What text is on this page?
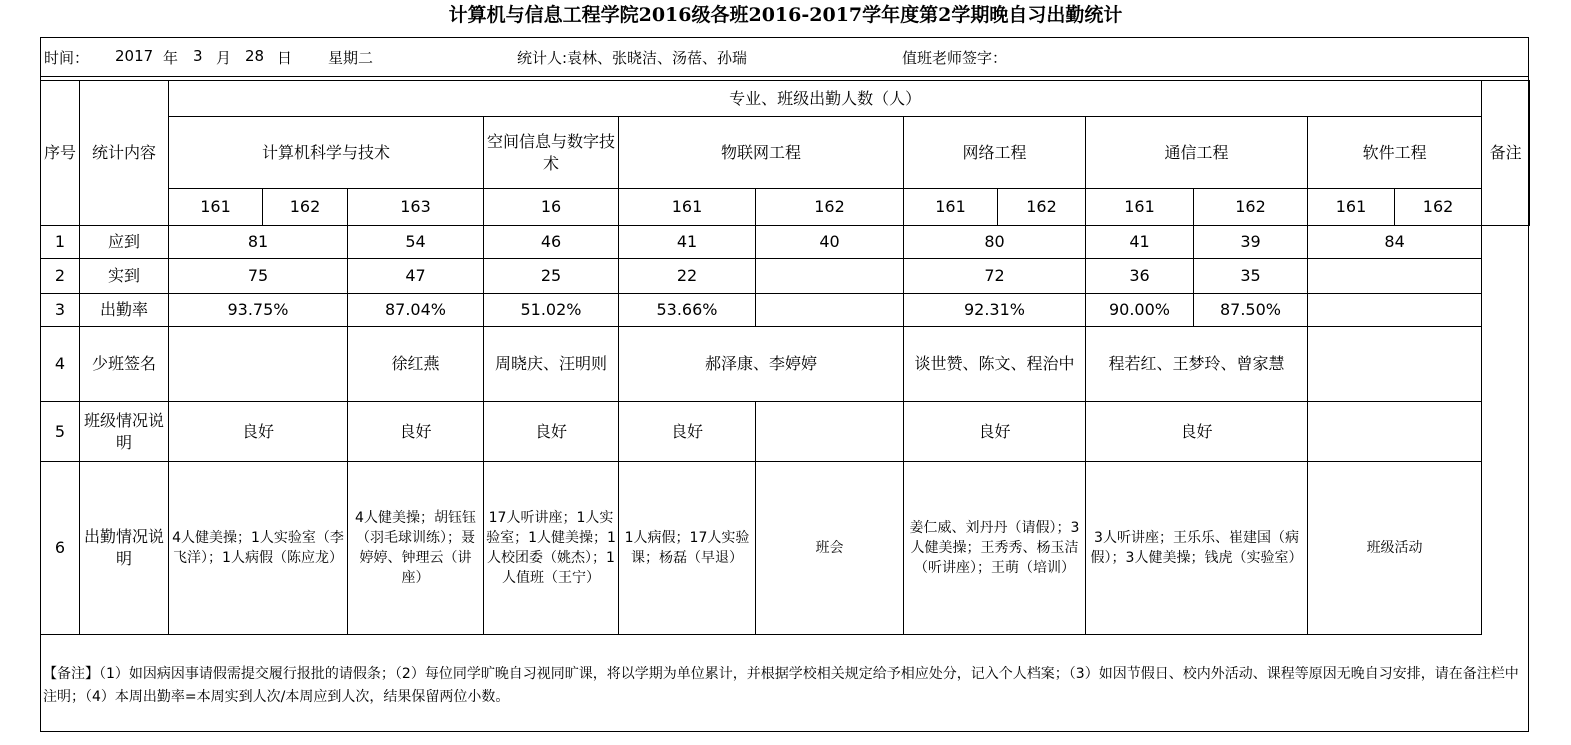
计算机与信息工程学院2016级各班2016-2017学年度第2学期晚自习出勤统计
时间： 2017 年 3 月 28 日 星期二	统计人:袁林、张晓洁、汤蓓、孙瑞	值班老师签字：
序号	统计内容	专业、班级出勤人数（人）												备注
		计算机科学与技术			空间信息与数字技术	物联网工程		网络工程		通信工程		软件工程		
		161	162	163	16	161	162	161	162	161	162	161	162	
1	应到	81		54	46	41	40	80		41	39	84		
2	实到	75		47	25	22		72		36	35			
3	出勤率	93.75%		87.04%	51.02%	53.66%		92.31%		90.00%	87.50%			
4	少班签名			徐红燕	周晓庆、汪明则	郝泽康、李婷婷		谈世赞、陈文、程治中		程若红、王梦玲、曾家慧				
5	班级情况说明	良好		良好	良好	良好		良好		良好				
6	出勤情况说明	4人健美操；1人实验室（李飞洋）；1人病假（陈应龙）		4人健美操；胡钰钰（羽毛球训练）；聂婷婷、钟理云（讲座）	17人听讲座；1人实验室；1人健美操；1人校团委（姚杰）；1人值班（王宁）	1人病假；17人实验课；杨磊（早退）	班会	姜仁威、刘丹丹（请假）；3人健美操；王秀秀、杨玉洁（听讲座）；王萌（培训）		3人听讲座；王乐乐、崔建国（病假）；3人健美操；钱虎（实验室）		班级活动		
【备注】（1）如因病因事请假需提交履行报批的请假条；（2）每位同学旷晚自习视同旷课，将以学期为单位累计，并根据学校相关规定给予相应处分，记入个人档案；（3）如因节假日、校内外活动、课程等原因无晚自习安排，请在备注栏中注明；（4）本周出勤率=本周实到人次/本周应到人次，结果保留两位小数。
